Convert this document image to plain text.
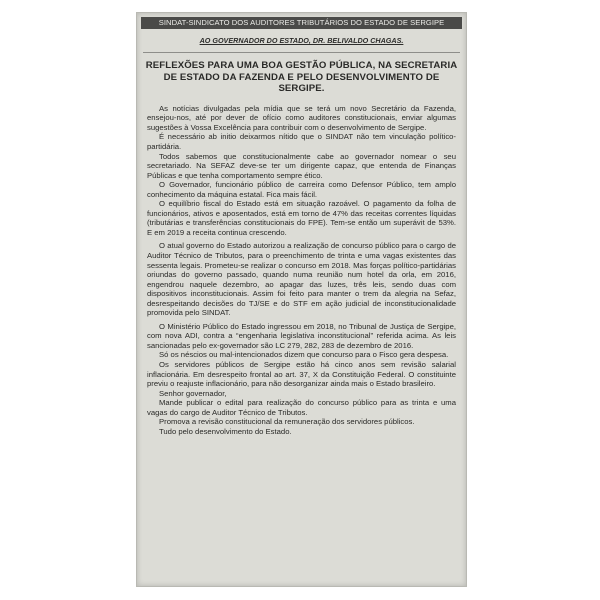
SINDAT-SINDICATO DOS AUDITORES TRIBUTÁRIOS DO ESTADO DE SERGIPE
AO GOVERNADOR DO ESTADO, DR. BELIVALDO CHAGAS.
REFLEXÕES PARA UMA BOA GESTÃO PÚBLICA, NA SECRETARIA DE ESTADO DA FAZENDA E PELO DESENVOLVIMENTO DE SERGIPE.

As notícias divulgadas pela mídia que se terá um novo Secretário da Fazenda, ensejou-nos, até por dever de ofício como auditores constitucionais, enviar algumas sugestões à Vossa Excelência para contribuir com o desenvolvimento de Sergipe.

É necessário ab initio deixarmos nítido que o SINDAT não tem vinculação político-partidária.

Todos sabemos que constitucionalmente cabe ao governador nomear o seu secretariado. Na SEFAZ deve-se ter um dirigente capaz, que entenda de Finanças Públicas e que tenha comportamento sempre ético.

O Governador, funcionário público de carreira como Defensor Público, tem amplo conhecimento da máquina estatal. Fica mais fácil.

O equilíbrio fiscal do Estado está em situação razoável. O pagamento da folha de funcionários, ativos e aposentados, está em torno de 47% das receitas correntes líquidas (tributárias e transferências constitucionais do FPE). Tem-se então um superávit de 53%. E em 2019 a receita continua crescendo.

O atual governo do Estado autorizou a realização de concurso público para o cargo de Auditor Técnico de Tributos, para o preenchimento de trinta e uma vagas existentes das sessenta legais. Prometeu-se realizar o concurso em 2018. Mas forças político-partidárias oriundas do governo passado, quando numa reunião num hotel da orla, em 2016, engendrou naquele dezembro, ao apagar das luzes, três leis, sendo duas com dispositivos inconstitucionais. Assim foi feito para manter o trem da alegria na Sefaz, desrespeitando decisões do TJ/SE e do STF em ação judicial de inconstitucionalidade promovida pelo SINDAT.

O Ministério Público do Estado ingressou em 2018, no Tribunal de Justiça de Sergipe, com nova ADI, contra a “engenharia legislativa inconstitucional” referida acima. As leis sancionadas pelo ex-governador são LC 279, 282, 283 de dezembro de 2016.

Só os néscios ou mal-intencionados dizem que concurso para o Fisco gera despesa.

Os servidores públicos de Sergipe estão há cinco anos sem revisão salarial inflacionária. Em desrespeito frontal ao art. 37, X da Constituição Federal. O constituinte previu o reajuste inflacionário, para não desorganizar ainda mais o Estado brasileiro.

Senhor governador,

Mande publicar o edital para realização do concurso público para as trinta e uma vagas do cargo de Auditor Técnico de Tributos.

Promova a revisão constitucional da remuneração dos servidores públicos.

Tudo pelo desenvolvimento do Estado.
